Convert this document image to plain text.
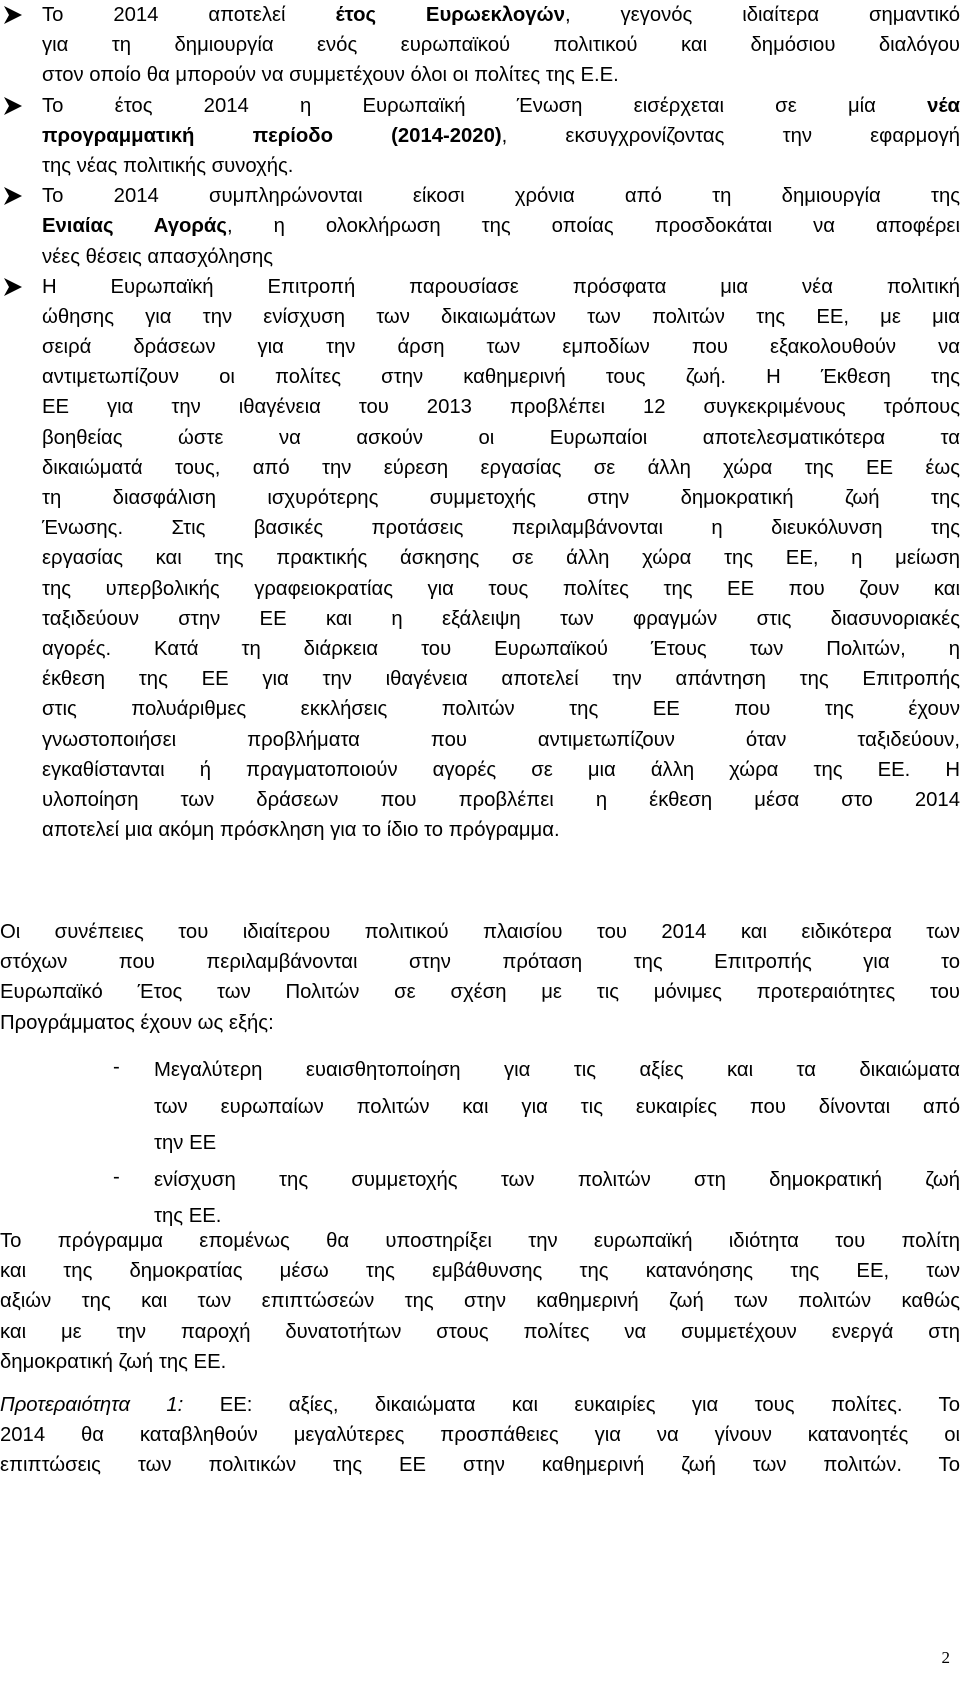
Το 2014 αποτελεί έτος Ευρωεκλογών, γεγονός ιδιαίτερα σημαντικό
για τη δημιουργία ενός ευρωπαϊκού πολιτικού και δημόσιου διαλόγου
στον οποίο θα μπορούν να συμμετέχουν όλοι οι πολίτες της Ε.Ε.
Το έτος 2014 η Ευρωπαϊκή Ένωση εισέρχεται σε μία νέα
προγραμματική περίοδο (2014-2020), εκσυγχρονίζοντας την εφαρμογή
της νέας πολιτικής συνοχής.
Το 2014 συμπληρώνονται είκοσι χρόνια από τη δημιουργία της
Ενιαίας Αγοράς, η ολοκλήρωση της οποίας προσδοκάται να αποφέρει
νέες θέσεις απασχόλησης
Η Ευρωπαϊκή Επιτροπή παρουσίασε πρόσφατα μια νέα πολιτική
ώθησης για την ενίσχυση των δικαιωμάτων των πολιτών της ΕΕ, με μια
σειρά δράσεων για την άρση των εμποδίων που εξακολουθούν να
αντιμετωπίζουν οι πολίτες στην καθημερινή τους ζωή. Η Έκθεση της
ΕΕ για την ιθαγένεια του 2013 προβλέπει 12 συγκεκριμένους τρόπους
βοηθείας ώστε να ασκούν οι Ευρωπαίοι αποτελεσματικότερα τα
δικαιώματά τους, από την εύρεση εργασίας σε άλλη χώρα της ΕΕ έως
τη διασφάλιση ισχυρότερης συμμετοχής στην δημοκρατική ζωή της
Ένωσης. Στις βασικές προτάσεις περιλαμβάνονται η διευκόλυνση της
εργασίας και της πρακτικής άσκησης σε άλλη χώρα της ΕΕ, η μείωση
της υπερβολικής γραφειοκρατίας για τους πολίτες της ΕΕ που ζουν και
ταξιδεύουν στην ΕΕ και η εξάλειψη των φραγμών στις διασυνοριακές
αγορές. Κατά τη διάρκεια του Ευρωπαϊκού Έτους των Πολιτών, η
έκθεση της ΕΕ για την ιθαγένεια αποτελεί την απάντηση της Επιτροπής
στις πολυάριθμες εκκλήσεις πολιτών της ΕΕ που της έχουν
γνωστοποιήσει προβλήματα που αντιμετωπίζουν όταν ταξιδεύουν,
εγκαθίστανται ή πραγματοποιούν αγορές σε μια άλλη χώρα της ΕΕ. Η
υλοποίηση των δράσεων που προβλέπει η έκθεση μέσα στο 2014
αποτελεί μια ακόμη πρόσκληση για το ίδιο το πρόγραμμα.
Οι συνέπειες του ιδιαίτερου πολιτικού πλαισίου του 2014 και ειδικότερα των
στόχων που περιλαμβάνονται στην πρόταση της Επιτροπής για το
Ευρωπαϊκό Έτος των Πολιτών σε σχέση με τις μόνιμες προτεραιότητες του
Προγράμματος έχουν ως εξής:
- Μεγαλύτερη ευαισθητοποίηση για τις αξίες και τα δικαιώματα
των ευρωπαίων πολιτών και για τις ευκαιρίες που δίνονται από
την ΕΕ
- ενίσχυση της συμμετοχής των πολιτών στη δημοκρατική ζωή
της ΕΕ.
Το πρόγραμμα επομένως θα υποστηρίξει την ευρωπαϊκή ιδιότητα του πολίτη
και της δημοκρατίας μέσω της εμβάθυνσης της κατανόησης της ΕΕ, των
αξιών της και των επιπτώσεών της στην καθημερινή ζωή των πολιτών καθώς
και με την παροχή δυνατοτήτων στους πολίτες να συμμετέχουν ενεργά στη
δημοκρατική ζωή της ΕΕ.
Προτεραιότητα 1: ΕΕ: αξίες, δικαιώματα και ευκαιρίες για τους πολίτες. Το
2014 θα καταβληθούν μεγαλύτερες προσπάθειες για να γίνουν κατανοητές οι
επιπτώσεις των πολιτικών της ΕΕ στην καθημερινή ζωή των πολιτών. Το
2
